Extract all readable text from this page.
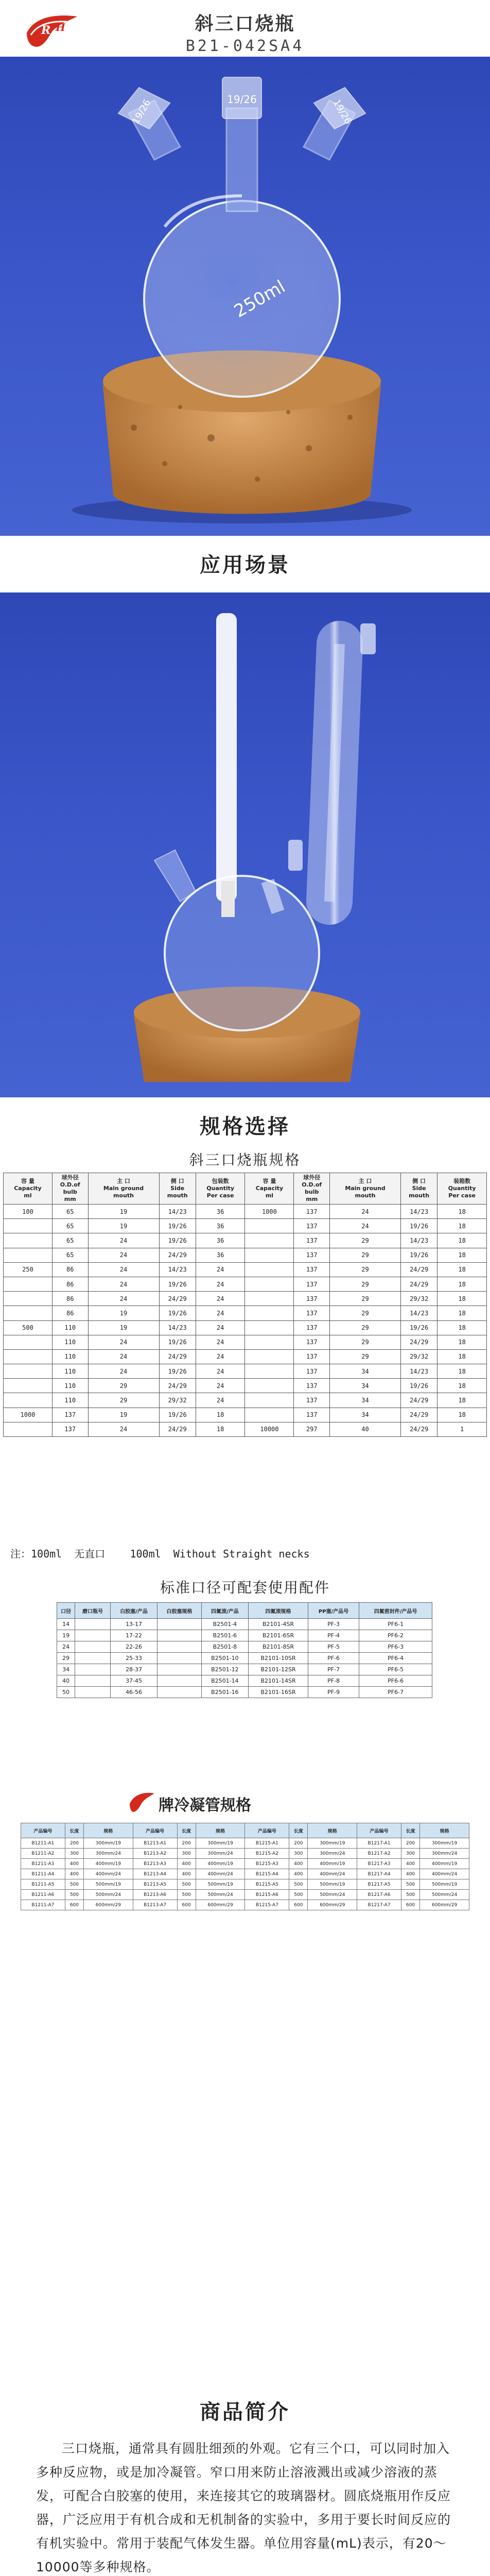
R H	斜三口烧瓶
B21-042SA4
19/26
19/26	19/26
250ml
应用场景
规格选择
斜三口烧瓶规格
容 量
Capacity
ml	球外径
O.D.of
bulb
mm	主 口
Main ground
mouth	侧 口
Side
mouth	包装数
Quantity
Per case	容 量
Capacity
ml	球外径
O.D.of
bulb
mm	主 口
Main ground
mouth	侧 口
Side
mouth	装箱数
Quantity
Per case
100	65	19	14/23	36	1000	137	24	14/23	18
	65	19	19/26	36		137	24	19/26	18
	65	24	19/26	36		137	29	14/23	18
	65	24	24/29	36		137	29	19/26	18
250	86	24	14/23	24		137	29	24/29	18
	86	24	19/26	24		137	29	24/29	18
	86	24	24/29	24		137	29	29/32	18
	86	19	19/26	24		137	29	14/23	18
500	110	19	14/23	24		137	29	19/26	18
	110	24	19/26	24		137	29	24/29	18
	110	24	24/29	24		137	29	29/32	18
	110	24	19/26	24		137	34	14/23	18
	110	29	24/29	24		137	34	19/26	18
	110	29	29/32	24		137	34	24/29	18
1000	137	19	19/26	18		137	34	24/29	18
	137	24	24/29	18	10000	297	40	24/29	1
注：100ml  无直口    100ml  Without Straight necks
标准口径可配套使用配件
口径	磨口瓶号	白胶塞/产品	白胶塞规格	四氟滚/产品	四氟滚规格	PP塞/产品号	四氟密封件/产品号
14		13-17		B2501-4	B2101-4SR	PF-3	PF6-1
19		17-22		B2501-6	B2101-6SR	PF-4	PF6-2
24		22-26		B2501-8	B2101-8SR	PF-5	PF6-3
29		25-33		B2501-10	B2101-10SR	PF-6	PF6-4
34		28-37		B2501-12	B2101-12SR	PF-7	PF6-5
40		37-45		B2501-14	B2101-14SR	PF-8	PF6-6
50		46-56		B2501-16	B2101-16SR	PF-9	PF6-7
牌冷凝管规格
产品编号	长度	规格	产品编号	长度	规格	产品编号	长度	规格	产品编号	长度	规格
B1211-A1	200	300mm/19	B1213-A1	200	300mm/19	B1215-A1	200	300mm/19	B1217-A1	200	300mm/19
B1211-A2	300	300mm/24	B1213-A2	300	300mm/24	B1215-A2	300	300mm/24	B1217-A2	300	300mm/24
B1211-A3	400	400mm/19	B1213-A3	400	400mm/19	B1215-A3	400	400mm/19	B1217-A3	400	400mm/19
B1211-A4	400	400mm/24	B1213-A4	400	400mm/24	B1215-A4	400	400mm/24	B1217-A4	400	400mm/24
B1211-A5	500	500mm/19	B1213-A5	500	500mm/19	B1215-A5	500	500mm/19	B1217-A5	500	500mm/19
B1211-A6	500	500mm/24	B1213-A6	500	500mm/24	B1215-A6	500	500mm/24	B1217-A6	500	500mm/24
B1211-A7	600	600mm/29	B1213-A7	600	600mm/29	B1215-A7	600	600mm/29	B1217-A7	600	600mm/29
商品简介
三口烧瓶，通常具有圆肚细颈的外观。它有三个口，可以同时加入多种反应物，或是加冷凝管。窄口用来防止溶液溅出或减少溶液的蒸发，可配合白胶塞的使用，来连接其它的玻璃器材。圆底烧瓶用作反应器，广泛应用于有机合成和无机制备的实验中，多用于要长时间反应的有机实验中。常用于装配气体发生器。单位用容量(mL)表示，有20～10000等多种规格。
